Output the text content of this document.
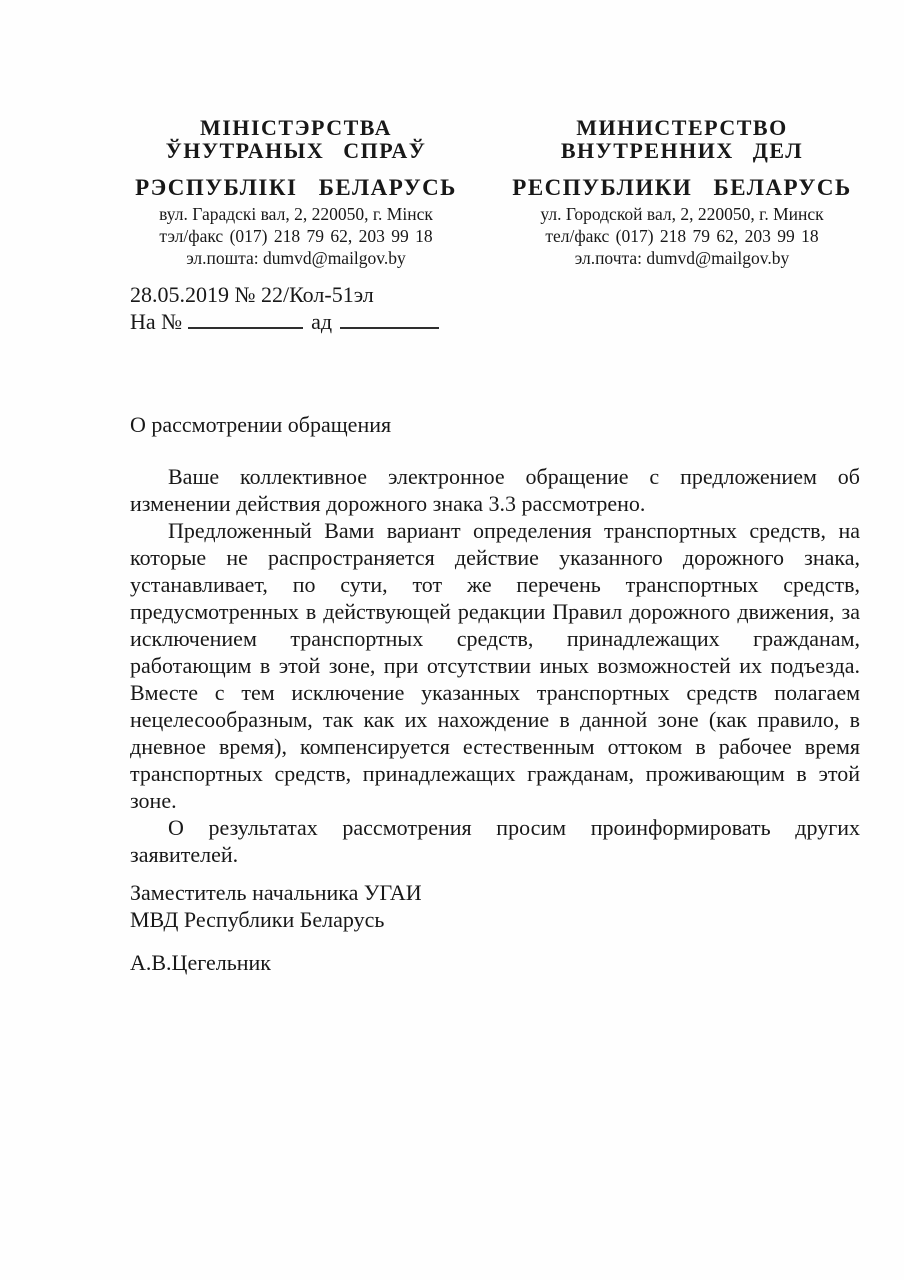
МІНІСТЭРСТВА
ЎНУТРАНЫХ СПРАЎ
РЭСПУБЛІКІ БЕЛАРУСЬ
вул. Гарадскі вал, 2, 220050, г. Мінск
тэл/факс (017) 218 79 62, 203 99 18
эл.пошта: dumvd@mailgov.by
МИНИСТЕРСТВО
ВНУТРЕННИХ ДЕЛ
РЕСПУБЛИКИ БЕЛАРУСЬ
ул. Городской вал, 2, 220050, г. Минск
тел/факс (017) 218 79 62, 203 99 18
эл.почта: dumvd@mailgov.by
28.05.2019 № 22/Кол-51эл
На №	ад
О рассмотрении обращения

Ваше коллективное электронное обращение с предложением об изменении действия дорожного знака 3.3 рассмотрено.

Предложенный Вами вариант определения транспортных средств, на которые не распространяется действие указанного дорожного знака, устанавливает, по сути, тот же перечень транспортных средств, предусмотренных в действующей редакции Правил дорожного движения, за исключением транспортных средств, принадлежащих гражданам, работающим в этой зоне, при отсутствии иных возможностей их подъезда. Вместе с тем исключение указанных транспортных средств полагаем нецелесообразным, так как их нахождение в данной зоне (как правило, в дневное время), компенсируется естественным оттоком в рабочее время транспортных средств, принадлежащих гражданам, проживающим в этой зоне.

О результатах рассмотрения просим проинформировать других заявителей.

Заместитель начальника УГАИ
МВД Республики Беларусь
А.В.Цегельник
